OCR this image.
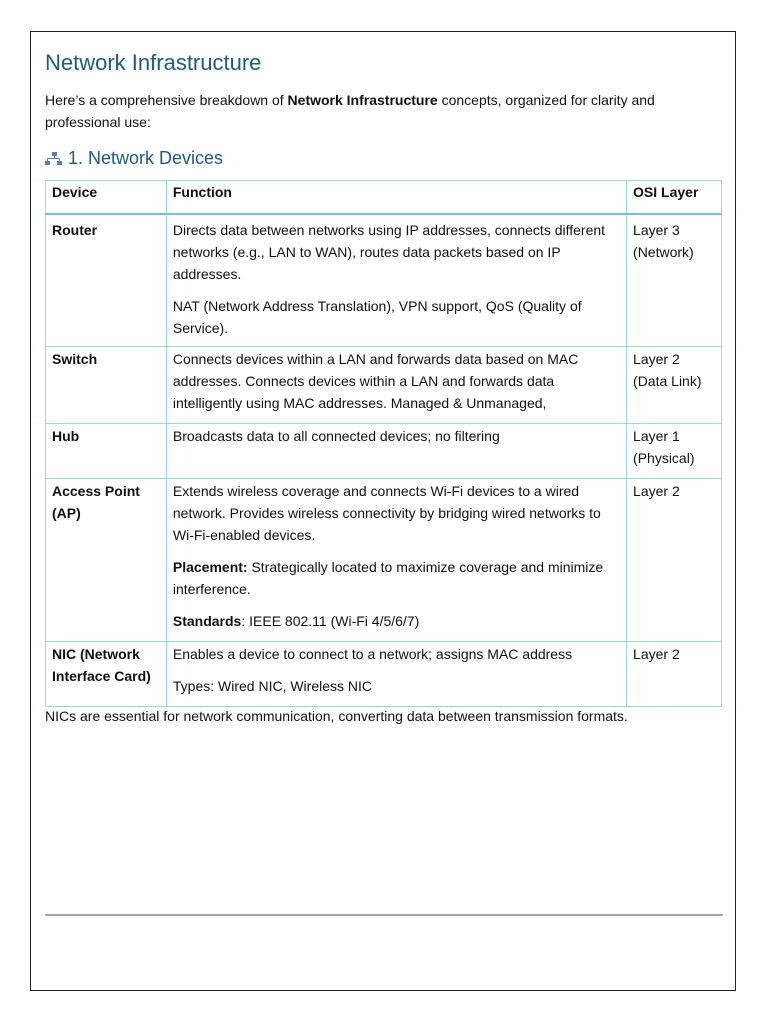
Network Infrastructure

Here’s a comprehensive breakdown of Network Infrastructure concepts, organized for clarity and professional use:

1. Network Devices
Device	Function	OSI Layer
Router	Directs data between networks using IP addresses, connects different networks (e.g., LAN to WAN), routes data packets based on IP addresses.

NAT (Network Address Translation), VPN support, QoS (Quality of Service).	Layer 3 (Network)
Switch	Connects devices within a LAN and forwards data based on MAC addresses. Connects devices within a LAN and forwards data intelligently using MAC addresses. Managed & Unmanaged,	Layer 2 (Data Link)
Hub	Broadcasts data to all connected devices; no filtering	Layer 1 (Physical)
Access Point (AP)	Extends wireless coverage and connects Wi-Fi devices to a wired network. Provides wireless connectivity by bridging wired networks to Wi-Fi-enabled devices.

Placement: Strategically located to maximize coverage and minimize interference.

Standards: IEEE 802.11 (Wi-Fi 4/5/6/7)	Layer 2
NIC (Network Interface Card)	Enables a device to connect to a network; assigns MAC address

Types: Wired NIC, Wireless NIC	Layer 2

NICs are essential for network communication, converting data between transmission formats.
